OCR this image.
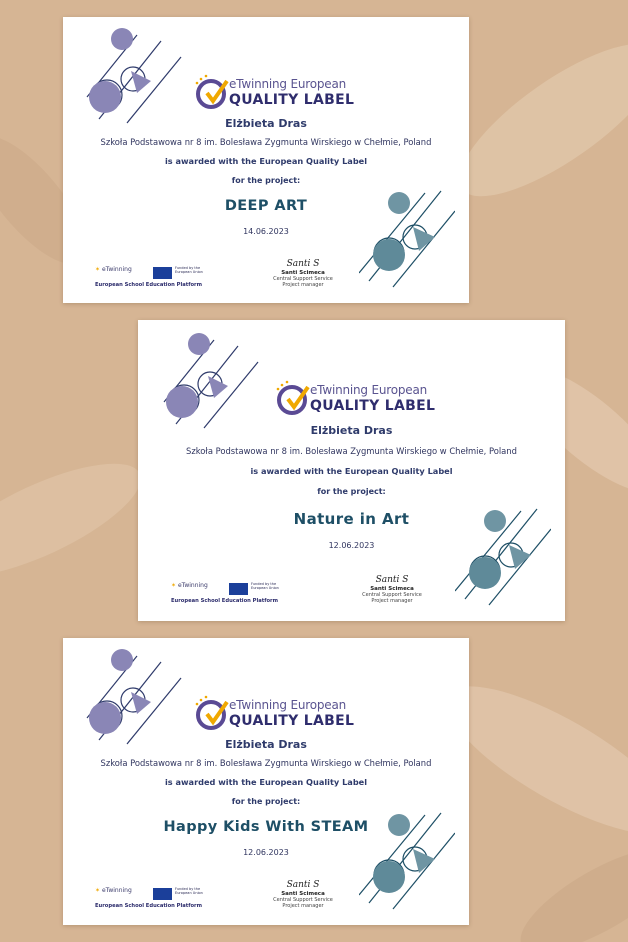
eTwinning European
QUALITY LABEL
Elżbieta Dras
Szkoła Podstawowa nr 8 im. Bolesława Zygmunta Wirskiego w Chełmie, Poland
is awarded with the European Quality Label
for the project:
DEEP ART
14.06.2023
✶ eTwinning	Funded by the European Union
European School Education Platform
Santi S
Santi Scimeca
Central Support Service
Project manager
eTwinning European
QUALITY LABEL
Elżbieta Dras
Szkoła Podstawowa nr 8 im. Bolesława Zygmunta Wirskiego w Chełmie, Poland
is awarded with the European Quality Label
for the project:
Nature in Art
12.06.2023
✶ eTwinning	Funded by the European Union
European School Education Platform
Santi S
Santi Scimeca
Central Support Service
Project manager
eTwinning European
QUALITY LABEL
Elżbieta Dras
Szkoła Podstawowa nr 8 im. Bolesława Zygmunta Wirskiego w Chełmie, Poland
is awarded with the European Quality Label
for the project:
Happy Kids With STEAM
12.06.2023
✶ eTwinning	Funded by the European Union
European School Education Platform
Santi S
Santi Scimeca
Central Support Service
Project manager
